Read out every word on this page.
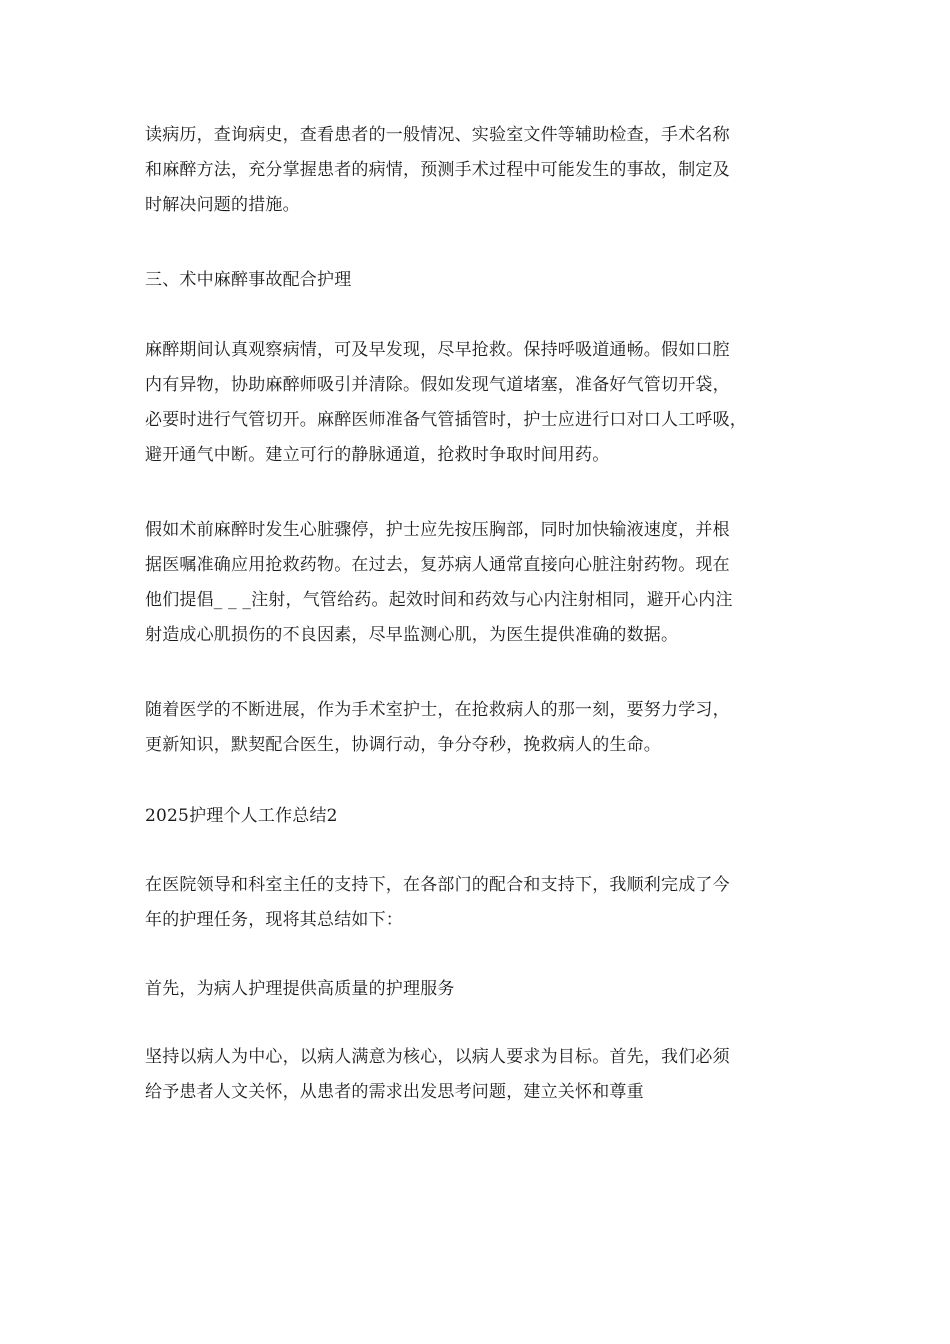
读病历，查询病史，查看患者的一般情况、实验室文件等辅助检查，手术名称
和麻醉方法，充分掌握患者的病情，预测手术过程中可能发生的事故，制定及
时解决问题的措施。
三、术中麻醉事故配合护理
麻醉期间认真观察病情，可及早发现，尽早抢救。保持呼吸道通畅。假如口腔
内有异物，协助麻醉师吸引并清除。假如发现气道堵塞，准备好气管切开袋，
必要时进行气管切开。麻醉医师准备气管插管时，护士应进行口对口人工呼吸，
避开通气中断。建立可行的静脉通道，抢救时争取时间用药。
假如术前麻醉时发生心脏骤停，护士应先按压胸部，同时加快输液速度，并根
据医嘱准确应用抢救药物。在过去，复苏病人通常直接向心脏注射药物。现在
他们提倡_ _ _注射，气管给药。起效时间和药效与心内注射相同，避开心内注
射造成心肌损伤的不良因素，尽早监测心肌，为医生提供准确的数据。
随着医学的不断进展，作为手术室护士，在抢救病人的那一刻，要努力学习，
更新知识，默契配合医生，协调行动，争分夺秒，挽救病人的生命。
2025护理个人工作总结2
在医院领导和科室主任的支持下，在各部门的配合和支持下，我顺利完成了今
年的护理任务，现将其总结如下：
首先，为病人护理提供高质量的护理服务
坚持以病人为中心，以病人满意为核心，以病人要求为目标。首先，我们必须
给予患者人文关怀，从患者的需求出发思考问题，建立关怀和尊重
